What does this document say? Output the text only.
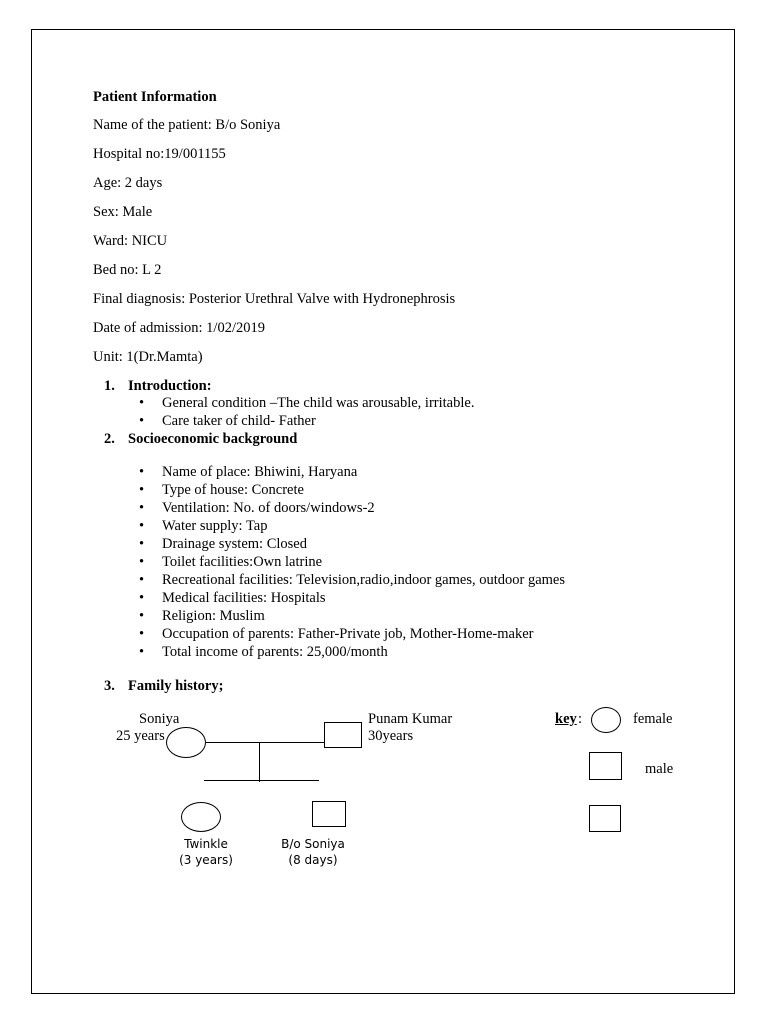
Patient Information
Name of the patient: B/o Soniya
Hospital no:19/001155
Age: 2 days
Sex: Male
Ward: NICU
Bed no: L 2
Final diagnosis: Posterior Urethral Valve with Hydronephrosis
Date of admission: 1/02/2019
Unit: 1(Dr.Mamta)
1. Introduction:
• General condition –The child was arousable, irritable.
• Care taker of child- Father
2. Socioeconomic background
• Name of place: Bhiwini, Haryana
• Type of house: Concrete
• Ventilation: No. of doors/windows-2
• Water supply: Tap
• Drainage system: Closed
• Toilet facilities:Own latrine
• Recreational facilities: Television,radio,indoor games, outdoor games
• Medical facilities: Hospitals
• Religion: Muslim
• Occupation of parents: Father-Private job, Mother-Home-maker
• Total income of parents: 25,000/month
3. Family history;
Soniya
25 years
Punam Kumar
30years
Twinkle
(3 years)
B/o Soniya
(8 days)
key :	female
male
